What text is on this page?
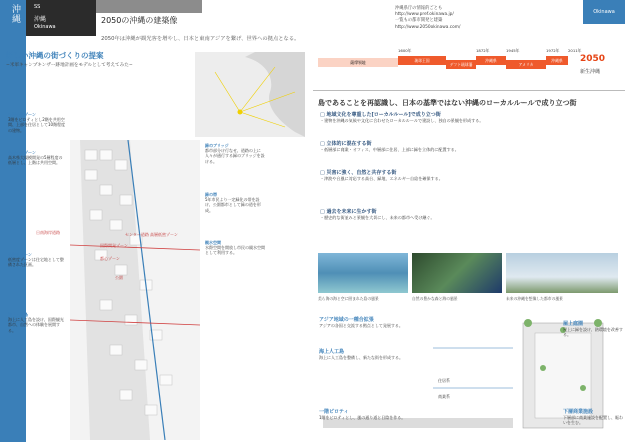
沖縄	SS
沖縄
Okinawa
2050の沖縄の建築像
2050年は沖縄が観光客を増やし、日本と東南アジアを繋げ、世界への拠点となる。
沖縄県庁の情報的ごとも
http://www.pref.okinawa.jp/
一覧もの都市開発と建築
http://www.2050okinawa.com/
Okinawa
新しい沖縄の街づくりの提案
−米軍キャンプキンザー跡地計画をモデルとして考えてみた−
中層低密ゾーン
3階をピロティとし2階を共用空間、上部を住居として10階程度の建物。
高層低密ゾーン
高木県大規模開発の5層程度の低層とし、上階は共用空間。
低密度ゾーン
低密度ゾーンは住宅地として整備された区画。
海上人工島
海上に人工島を設け、国際観光都市、自然への体験を展開する。
日南海岸道路	センター道路
国際開発ゾーン
都心ゾーン
高層低密ゾーン
公園
緑のブリッジ
都市部分け行なせ、道路の上に人々が通行する緑のブリッジを設ける。
緑の帯
5年市民より一定緑化の帯を設け、公園都市として緑の道を形成。
親水空間
水際空間を開放し市民の親水空間として利用する。
1600年	1872年	1945年	1972年 2011年
薩摩領地	琉球王国
デフト琉球藩
沖縄県
アメリカ
沖縄県	2050
新生沖縄
島であることを再認識し、日本の基準ではない沖縄のローカルルールで成り立つ街
□ 地域文化を尊重した[ローカルルール]で成り立つ街
・建物を沖縄の気候や文化に合わせたローカルルールで建設し、独自の景観を形成する。
□ 立体的に混在する街
・低層部に商業・オフィス、中層部に住居、上部に緑を立体的に配置する。
□ 災害に強く、自然と共存する街
・津波や台風に対応する高台、緑地、エネルギー自給を確保する。
□ 過去を未来に生かす街
・歴史的な街並みと景観を大切にし、未来の都市へ受け継ぐ。
美ら海の海と空に囲まれた島の風景	自然の豊かな森と海の風景	未来の沖縄を想像した都市の風景
アジア地域の一種合拡張
アジアの各国と交流する拠点として発展する。
海上人工島
海上に人工島を整備し、新たな街を形成する。
一階ピロティ
1階をピロティとし、風の通り道と日陰を作る。
屋上庭園
屋上に緑を設け、熱環境を改善する。
下層商業施設
下層部に商業施設を配置し、賑わいを生む。
住居系
商業系
